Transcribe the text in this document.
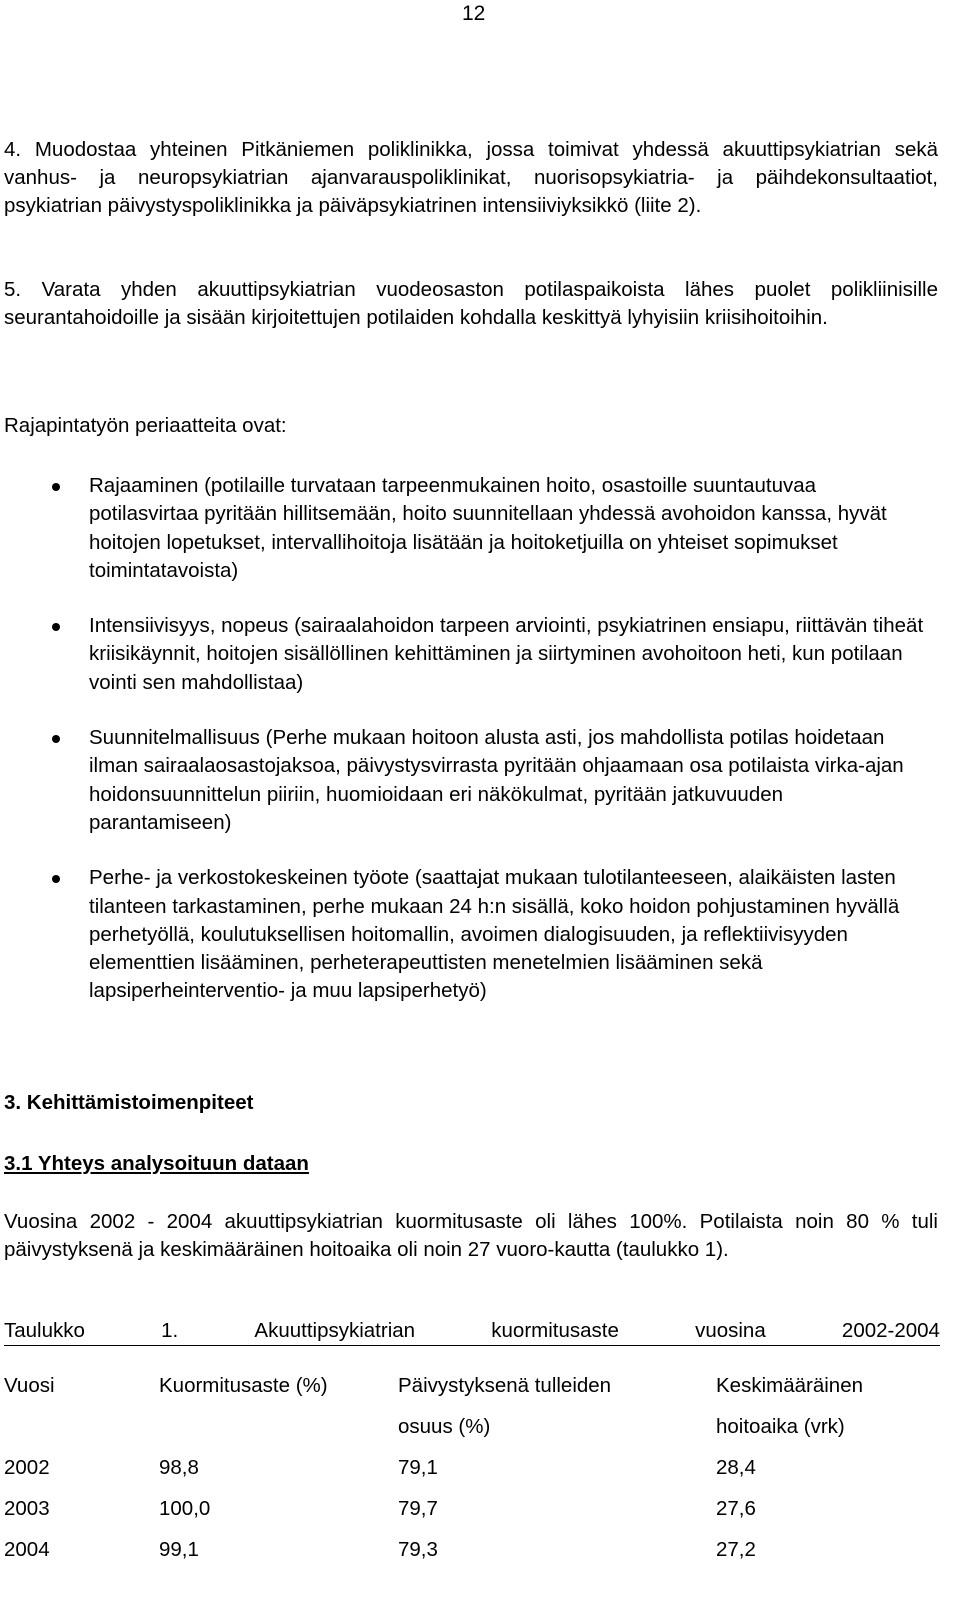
12

4. Muodostaa yhteinen Pitkäniemen poliklinikka, jossa toimivat yhdessä akuuttipsykiatrian sekä vanhus- ja neuropsykiatrian ajanvarauspoliklinikat, nuorisopsykiatria- ja päihdekonsultaatiot, psykiatrian päivystyspoliklinikka ja päiväpsykiatrinen intensiiviyksikkö (liite 2).

5. Varata yhden akuuttipsykiatrian vuodeosaston potilaspaikoista lähes puolet polikliinisille seurantahoidoille ja sisään kirjoitettujen potilaiden kohdalla keskittyä lyhyisiin kriisihoitoihin.

Rajapintatyön periaatteita ovat:
Rajaaminen (potilaille turvataan tarpeenmukainen hoito, osastoille suuntautuvaa potilasvirtaa pyritään hillitsemään, hoito suunnitellaan yhdessä avohoidon kanssa, hyvät hoitojen lopetukset, intervallihoitoja lisätään ja hoitoketjuilla on yhteiset sopimukset toimintatavoista)
Intensiivisyys, nopeus (sairaalahoidon tarpeen arviointi, psykiatrinen ensiapu, riittävän tiheät kriisikäynnit, hoitojen sisällöllinen kehittäminen ja siirtyminen avohoitoon heti, kun potilaan vointi sen mahdollistaa)
Suunnitelmallisuus (Perhe mukaan hoitoon alusta asti, jos mahdollista potilas hoidetaan ilman sairaalaosastojaksoa, päivystysvirrasta pyritään ohjaamaan osa potilaista virka-ajan hoidonsuunnittelun piiriin, huomioidaan eri näkökulmat, pyritään jatkuvuuden parantamiseen)
Perhe- ja verkostokeskeinen työote (saattajat mukaan tulotilanteeseen, alaikäisten lasten tilanteen tarkastaminen, perhe mukaan 24 h:n sisällä, koko hoidon pohjustaminen hyvällä perhetyöllä, koulutuksellisen hoitomallin, avoimen dialogisuuden, ja reflektiivisyyden elementtien lisääminen, perheterapeuttisten menetelmien lisääminen sekä lapsiperheinterventio- ja muu lapsiperhetyö)
3. Kehittämistoimenpiteet
3.1 Yhteys analysoituun dataan

Vuosina 2002 - 2004 akuuttipsykiatrian kuormitusaste oli lähes 100%. Potilaista noin 80 % tuli päivystyksenä ja keskimääräinen hoitoaika oli noin 27 vuoro-kautta (taulukko 1).

Taulukko	1.	Akuuttipsykiatrian	kuormitusaste	vuosina	2002-2004
Vuosi	Kuormitusaste (%)	Päivystyksenä tulleiden	Keskimääräinen
		osuus (%)	hoitoaika (vrk)
2002	98,8	79,1	28,4
2003	100,0	79,7	27,6
2004	99,1	79,3	27,2
